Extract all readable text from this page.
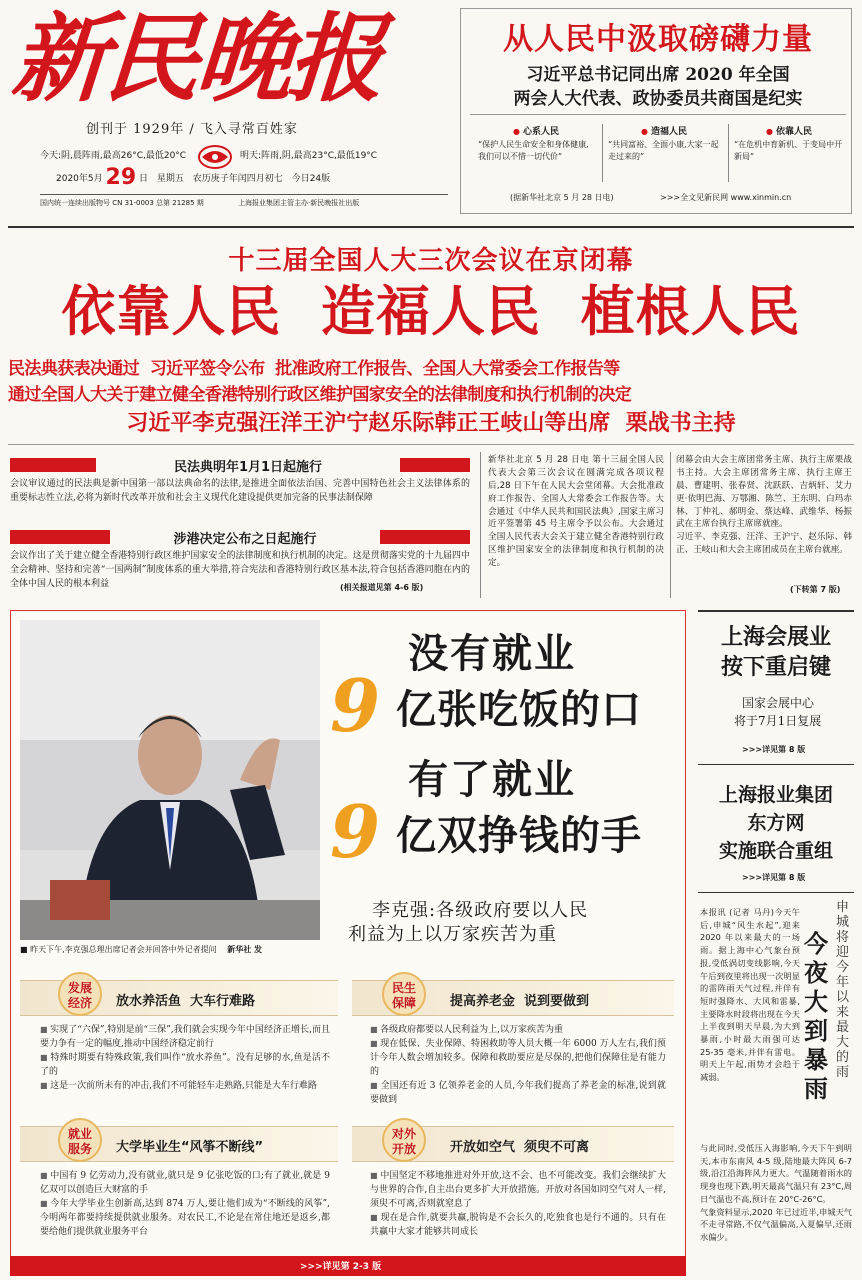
新民晚报
创刊于 1929年 / 飞入寻常百姓家
今天:阴,晨阵雨,最高26°C,最低20°C	明天:阵雨,阴,最高23°C,最低19°C
2020年5月 29 日 星期五 农历庚子年闰四月初七 今日24版
国内统一连续出版物号 CN 31-0003 总第 21285 期	上海报业集团主管主办·新民晚报社出版
从人民中汲取磅礴力量
习近平总书记同出席 2020 年全国
两会人大代表、政协委员共商国是纪实
● 心系人民
“保护人民生命安全和身体健康,我们可以不惜一切代价”
● 造福人民
“共同富裕、全面小康,大家一起走过来的”
● 依靠人民
“在危机中育新机、于变局中开新局”
(据新华社北京 5 月 28 日电)	>>>全文见新民网 www.xinmin.cn
十三届全国人大三次会议在京闭幕
依靠人民  造福人民  植根人民
民法典获表决通过  习近平签令公布  批准政府工作报告、全国人大常委会工作报告等
通过全国人大关于建立健全香港特别行政区维护国家安全的法律制度和执行机制的决定
习近平李克强汪洋王沪宁赵乐际韩正王岐山等出席  栗战书主持
民法典明年1月1日起施行
会议审议通过的民法典是新中国第一部以法典命名的法律,是推进全面依法治国、完善中国特色社会主义法律体系的重要标志性立法,必将为新时代改革开放和社会主义现代化建设提供更加完备的民事法制保障
涉港决定公布之日起施行
会议作出了关于建立健全香港特别行政区维护国家安全的法律制度和执行机制的决定。这是贯彻落实党的十九届四中全会精神、坚持和完善“一国两制”制度体系的重大举措,符合宪法和香港特别行政区基本法,符合包括香港同胞在内的全体中国人民的根本利益	(相关报道见第 4-6 版)
新华社北京 5 月 28 日电 第十三届全国人民代表大会第三次会议在圆满完成各项议程后,28 日下午在人民大会堂闭幕。大会批准政府工作报告、全国人大常委会工作报告等。大会通过《中华人民共和国民法典》,国家主席习近平签署第 45 号主席令予以公布。大会通过全国人民代表大会关于建立健全香港特别行政区维护国家安全的法律制度和执行机制的决定。
闭幕会由大会主席团常务主席、执行主席栗战书主持。大会主席团常务主席、执行主席王晨、曹建明、张春贤、沈跃跃、吉炳轩、艾力更·依明巴海、万鄂湘、陈竺、王东明、白玛赤林、丁仲礼、郝明金、蔡达峰、武维华、杨振武在主席台执行主席席就座。
习近平、李克强、汪洋、王沪宁、赵乐际、韩正、王岐山和大会主席团成员在主席台就座。
(下转第 7 版)
■ 昨天下午,李克强总理出席记者会并回答中外记者提问 新华社 发
没有就业
9 亿张吃饭的口
有了就业
9 亿双挣钱的手
李克强:各级政府要以人民
利益为上以万家疾苦为重
发展
经济	放水养活鱼  大车行难路
■ 实现了“六保”,特别是前“三保”,我们就会实现今年中国经济正增长,而且要力争有一定的幅度,推动中国经济稳定前行
■ 特殊时期要有特殊政策,我们叫作“放水养鱼”。没有足够的水,鱼是活不了的
■ 这是一次前所未有的冲击,我们不可能轻车走熟路,只能是大车行难路
民生
保障	提高养老金  说到要做到
■ 各级政府都要以人民利益为上,以万家疾苦为重
■ 现在低保、失业保障、特困救助等人员大概一年 6000 万人左右,我们预计今年人数会增加较多。保障和救助要应是尽保的,把他们保障住是有能力的
■ 全国还有近 3 亿领养老金的人员,今年我们提高了养老金的标准,说到就要做到
就业
服务	大学毕业生“风筝不断线”
■ 中国有 9 亿劳动力,没有就业,就只是 9 亿张吃饭的口;有了就业,就是 9 亿双可以创造巨大财富的手
■ 今年大学毕业生创新高,达到 874 万人,要让他们成为“不断线的风筝”,今明两年都要持续提供就业服务。对农民工,不论是在常住地还是返乡,都要给他们提供就业服务平台
对外
开放	开放如空气  须臾不可离
■ 中国坚定不移地推进对外开放,这不会、也不可能改变。我们会继续扩大与世界的合作,自主出台更多扩大开放措施。开放对各国如同空气对人一样,须臾不可离,否则就窒息了
■ 现在是合作,就要共赢,脱钩是不会长久的,吃独食也是行不通的。只有在共赢中大家才能够共同成长
>>>详见第 2-3 版
上海会展业
按下重启键
国家会展中心
将于7月1日复展
>>>详见第 8 版
上海报业集团
东方网
实施联合重组
>>>详见第 8 版
申城将迎今年以来最大的雨
今夜大到暴雨
本报讯 (记者 马丹)今天午后,申城“风生水起”,迎来 2020 年以来最大的一场雨。据上海中心气象台预报,受低涡切变线影响,今天午后到夜里将出现一次明显的雷阵雨天气过程,并伴有短时强降水、大风和雷暴,主要降水时段将出现在今天上半夜到明天早晨,为大到暴雨,小时最大雨强可达 25-35 毫米,并伴有雷电。明天上午起,雨势才会趋于减弱。
与此同时,受低压入海影响,今天下午到明天,本市东南风 4-5 级,陆地最大阵风 6-7 级,沿江沿海阵风力更大。气温随着雨水的现身也现下跌,明天最高气温只有 23°C,周日气温也不高,预计在 20°C-26°C。
气象资料显示,2020 年已过近半,申城天气不走寻常路,不仅气温偏高,入夏偏早,还雨水偏少。
